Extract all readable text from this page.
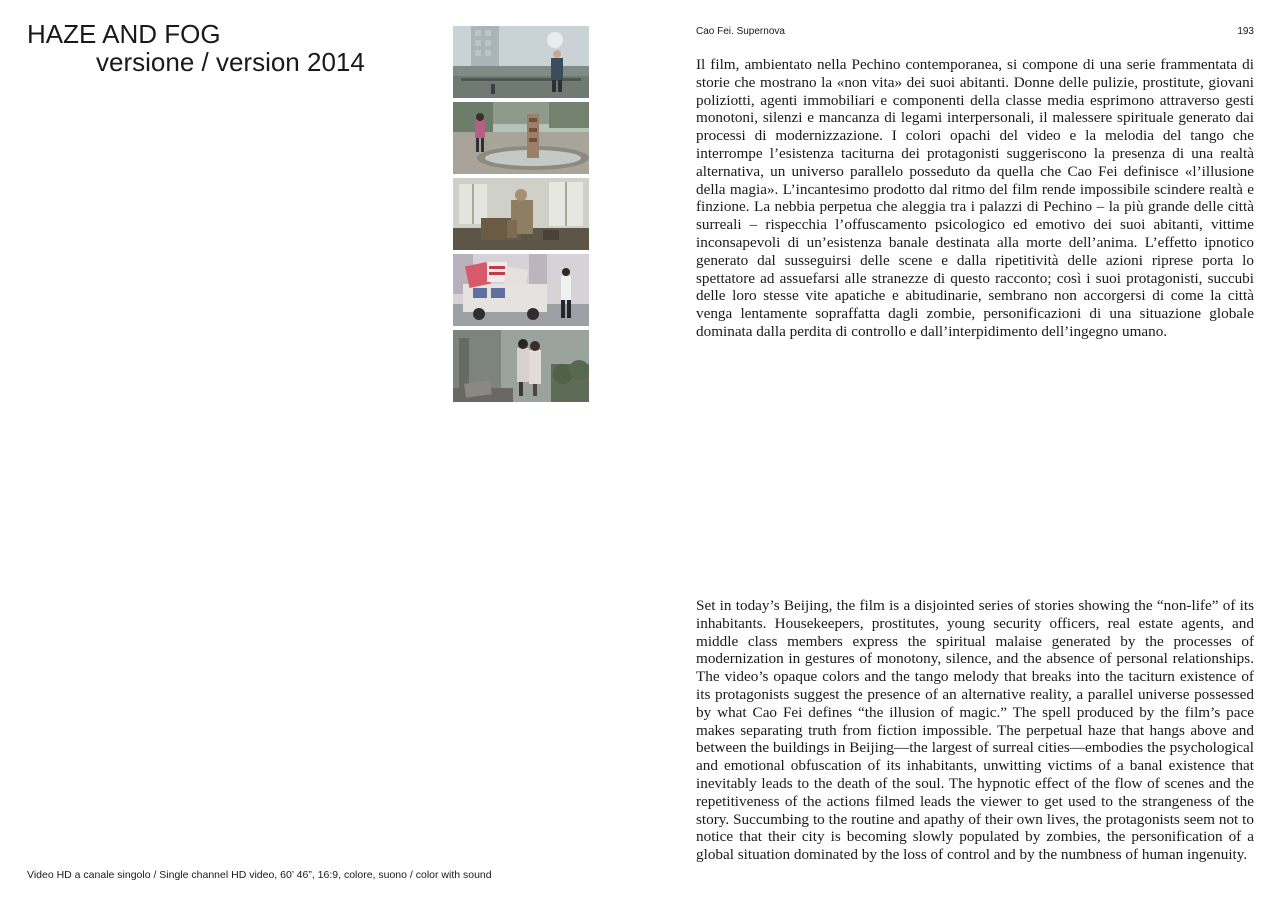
HAZE AND FOG
versione / version 2014
Video HD a canale singolo / Single channel HD video, 60’ 46”, 16:9, colore, suono / color with sound
Cao Fei. Supernova	193

Il film, ambientato nella Pechino contemporanea, si compone di una serie frammentata di storie che mostrano la «non vita» dei suoi abitanti. Donne delle pulizie, prostitute, giovani poliziotti, agenti immobiliari e componenti della classe media esprimono attraverso gesti monotoni, silenzi e mancanza di legami interpersonali, il malessere spirituale generato dai processi di modernizzazione. I colori opachi del video e la melodia del tango che interrompe l’esistenza taciturna dei protagonisti suggeriscono la presenza di una realtà alternativa, un universo parallelo posseduto da quella che Cao Fei definisce «l’illusione della magia». L’incantesimo prodotto dal ritmo del film rende impossibile scindere realtà e finzione. La nebbia perpetua che aleggia tra i palazzi di Pechino – la più grande delle città surreali – rispecchia l’offuscamento psicologico ed emotivo dei suoi abitanti, vittime inconsapevoli di un’esistenza banale destinata alla morte dell’anima. L’effetto ipnotico generato dal susseguirsi delle scene e dalla ripetitività delle azioni riprese porta lo spettatore ad assuefarsi alle stranezze di questo racconto; così i suoi protagonisti, succubi delle loro stesse vite apatiche e abitudinarie, sembrano non accorgersi di come la città venga lentamente sopraffatta dagli zombie, personificazioni di una situazione globale dominata dalla perdita di controllo e dall’interpidimento dell’ingegno umano.

Set in today’s Beijing, the film is a disjointed series of stories showing the “non-life” of its inhabitants. Housekeepers, prostitutes, young security officers, real estate agents, and middle class members express the spiritual malaise generated by the processes of modernization in gestures of monotony, silence, and the absence of personal relationships. The video’s opaque colors and the tango melody that breaks into the taciturn existence of its protagonists suggest the presence of an alternative reality, a parallel universe possessed by what Cao Fei defines “the illusion of magic.” The spell produced by the film’s pace makes separating truth from fiction impossible. The perpetual haze that hangs above and between the buildings in Beijing—the largest of surreal cities—embodies the psychological and emotional obfuscation of its inhabitants, unwitting victims of a banal existence that inevitably leads to the death of the soul. The hypnotic effect of the flow of scenes and the repetitiveness of the actions filmed leads the viewer to get used to the strangeness of the story. Succumbing to the routine and apathy of their own lives, the protagonists seem not to notice that their city is becoming slowly populated by zombies, the personification of a global situation dominated by the loss of control and by the numbness of human ingenuity.
